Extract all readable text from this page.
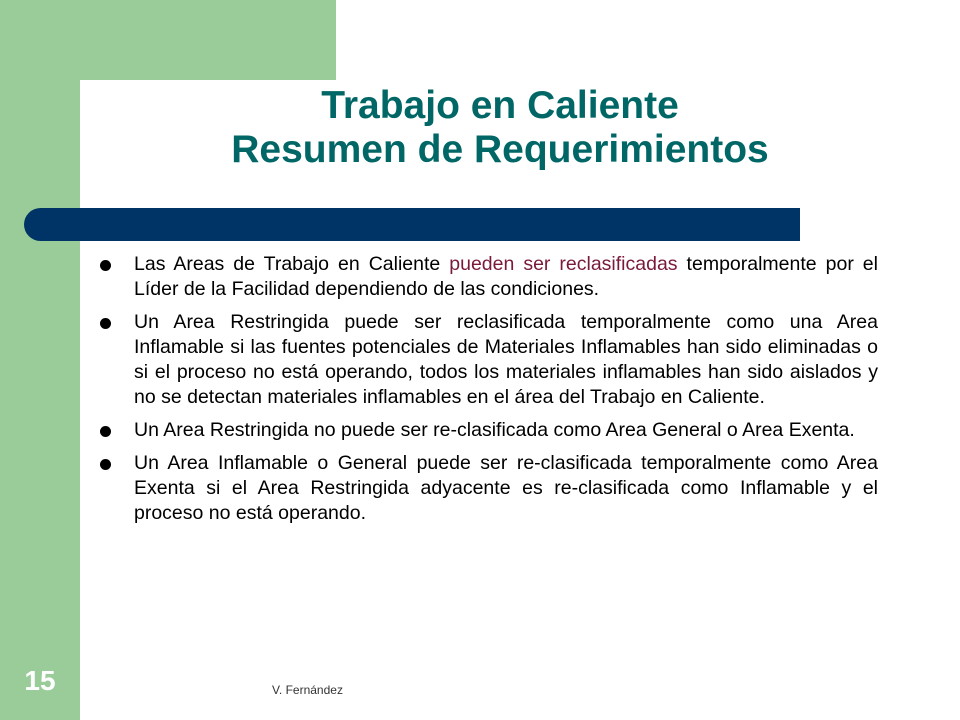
Trabajo en Caliente
Resumen de Requerimientos
Las Areas de Trabajo en Caliente pueden ser reclasificadas temporalmente por el Líder de la Facilidad dependiendo de las condiciones.
Un Area Restringida puede ser reclasificada temporalmente como una Area Inflamable si las fuentes potenciales de Materiales Inflamables han sido eliminadas o si el proceso no está operando, todos los materiales inflamables han sido aislados y no se detectan materiales inflamables en el área del Trabajo en Caliente.
Un Area Restringida no puede ser re-clasificada como Area General o Area Exenta.
Un Area Inflamable o General puede ser re-clasificada temporalmente como Area Exenta si el Area Restringida adyacente es re-clasificada como Inflamable y el proceso no está operando.
15	V. Fernández
